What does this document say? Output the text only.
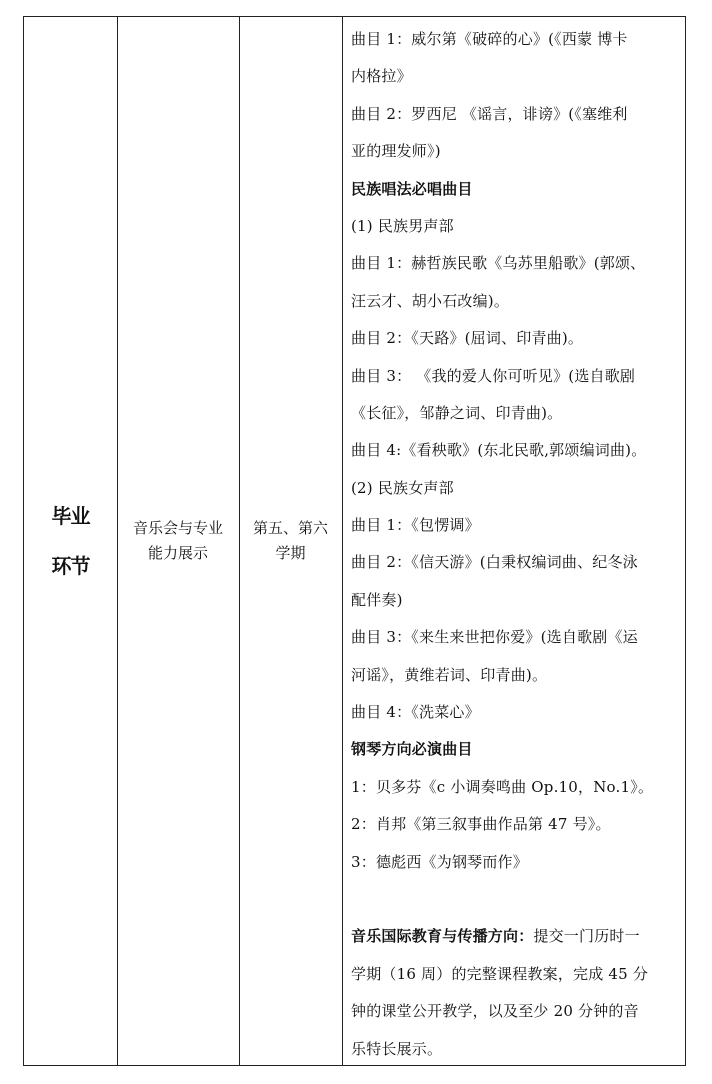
毕业
环节
音乐会与专业
能力展示
第五、第六
学期
曲目 1：威尔第《破碎的心》(《西蒙 博卡
内格拉》
曲目 2：罗西尼 《谣言，诽谤》(《塞维利
亚的理发师》)
民族唱法必唱曲目
(1) 民族男声部
曲目 1：赫哲族民歌《乌苏里船歌》(郭颂、
汪云才、胡小石改编)。
曲目 2：《天路》(屈词、印青曲)。
曲目 3： 《我的爱人你可听见》(选自歌剧
《长征》，邹静之词、印青曲)。
曲目 4:《看秧歌》(东北民歌,郭颂编词曲)。
(2) 民族女声部
曲目 1：《包愣调》
曲目 2：《信天游》(白秉权编词曲、纪冬泳
配伴奏)
曲目 3：《来生来世把你爱》(选自歌剧《运
河谣》，黄维若词、印青曲)。
曲目 4：《洗菜心》
钢琴方向必演曲目
1：贝多芬《c 小调奏鸣曲 Op.10，No.1》。
2：肖邦《第三叙事曲作品第 47 号》。
3：德彪西《为钢琴而作》
音乐国际教育与传播方向：提交一门历时一
学期（16 周）的完整课程教案，完成 45 分
钟的课堂公开教学，以及至少 20 分钟的音
乐特长展示。
